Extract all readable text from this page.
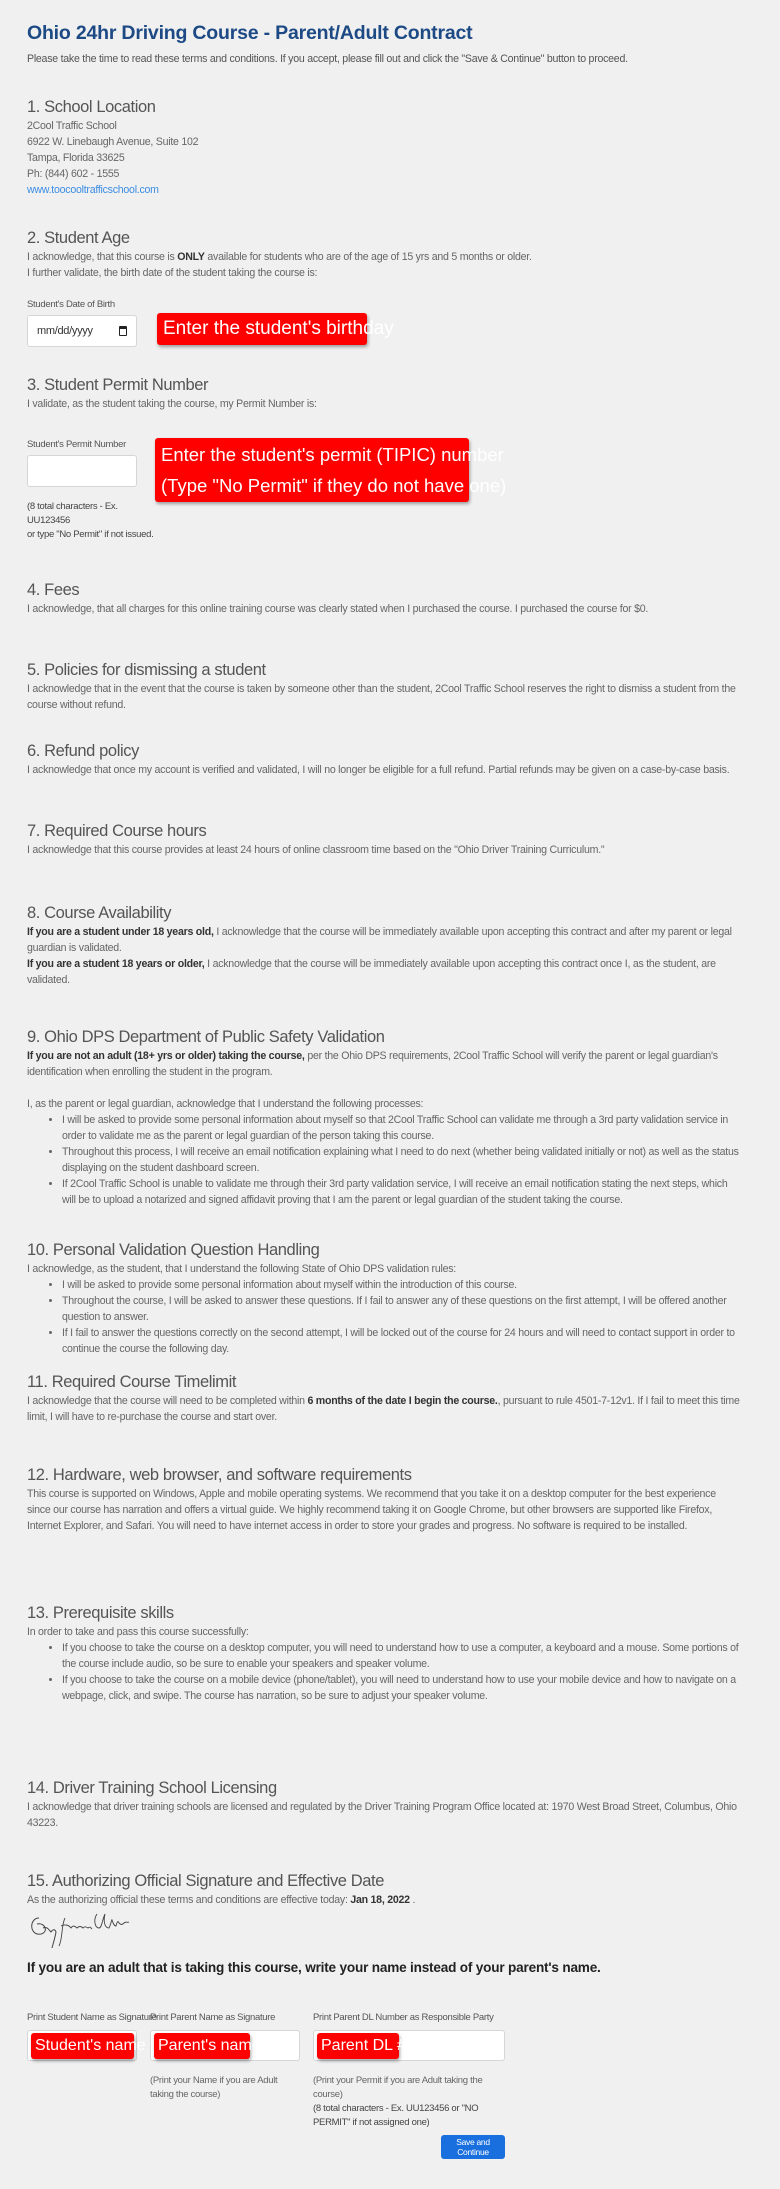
Ohio 24hr Driving Course - Parent/Adult Contract
Please take the time to read these terms and conditions. If you accept, please fill out and click the "Save & Continue" button to proceed.
1. School Location

2Cool Traffic School

6922 W. Linebaugh Avenue, Suite 102

Tampa, Florida 33625

Ph: (844) 602 - 1555

www.toocooltrafficschool.com

2. Student Age

I acknowledge, that this course is ONLY available for students who are of the age of 15 yrs and 5 months or older.

I further validate, the birth date of the student taking the course is:

3. Student Permit Number

I validate, as the student taking the course, my Permit Number is:

4. Fees

I acknowledge, that all charges for this online training course was clearly stated when I purchased the course. I purchased the course for $0.

5. Policies for dismissing a student

I acknowledge that in the event that the course is taken by someone other than the student, 2Cool Traffic School reserves the right to dismiss a student from the course without refund.

6. Refund policy

I acknowledge that once my account is verified and validated, I will no longer be eligible for a full refund. Partial refunds may be given on a case-by-case basis.

7. Required Course hours

I acknowledge that this course provides at least 24 hours of online classroom time based on the "Ohio Driver Training Curriculum."

8. Course Availability

If you are a student under 18 years old, I acknowledge that the course will be immediately available upon accepting this contract and after my parent or legal guardian is validated.

If you are a student 18 years or older, I acknowledge that the course will be immediately available upon accepting this contract once I, as the student, are validated.

9. Ohio DPS Department of Public Safety Validation

If you are not an adult (18+ yrs or older) taking the course, per the Ohio DPS requirements, 2Cool Traffic School will verify the parent or legal guardian's identification when enrolling the student in the program.

I, as the parent or legal guardian, acknowledge that I understand the following processes:

• I will be asked to provide some personal information about myself so that 2Cool Traffic School can validate me through a 3rd party validation service in order to validate me as the parent or legal guardian of the person taking this course.
• Throughout this process, I will receive an email notification explaining what I need to do next (whether being validated initially or not) as well as the status displaying on the student dashboard screen.
• If 2Cool Traffic School is unable to validate me through their 3rd party validation service, I will receive an email notification stating the next steps, which will be to upload a notarized and signed affidavit proving that I am the parent or legal guardian of the student taking the course.
10. Personal Validation Question Handling

I acknowledge, as the student, that I understand the following State of Ohio DPS validation rules:

• I will be asked to provide some personal information about myself within the introduction of this course.
• Throughout the course, I will be asked to answer these questions. If I fail to answer any of these questions on the first attempt, I will be offered another question to answer.
• If I fail to answer the questions correctly on the second attempt, I will be locked out of the course for 24 hours and will need to contact support in order to continue the course the following day.
11. Required Course Timelimit

I acknowledge that the course will need to be completed within 6 months of the date I begin the course., pursuant to rule 4501-7-12v1. If I fail to meet this time limit, I will have to re-purchase the course and start over.

12. Hardware, web browser, and software requirements

This course is supported on Windows, Apple and mobile operating systems. We recommend that you take it on a desktop computer for the best experience since our course has narration and offers a virtual guide. We highly recommend taking it on Google Chrome, but other browsers are supported like Firefox, Internet Explorer, and Safari. You will need to have internet access in order to store your grades and progress. No software is required to be installed.

13. Prerequisite skills

In order to take and pass this course successfully:

• If you choose to take the course on a desktop computer, you will need to understand how to use a computer, a keyboard and a mouse. Some portions of the course include audio, so be sure to enable your speakers and speaker volume.
• If you choose to take the course on a mobile device (phone/tablet), you will need to understand how to use your mobile device and how to navigate on a webpage, click, and swipe. The course has narration, so be sure to adjust your speaker volume.
14. Driver Training School Licensing

I acknowledge that driver training schools are licensed and regulated by the Driver Training Program Office located at: 1970 West Broad Street, Columbus, Ohio 43223.

15. Authorizing Official Signature and Effective Date

As the authorizing official these terms and conditions are effective today: Jan 18, 2022 .

Student's Date of Birth
mm/dd/yyyy	Enter the student's birthday
Student's Permit Number
(8 total characters - Ex.
UU123456
or type "No Permit" if not issued.
Enter the student's permit (TIPIC) number
(Type "No Permit" if they do not have one)
If you are an adult that is taking this course, write your name instead of your parent's name.
Print Student Name as Signature
Student's name
Print Parent Name as Signature
Parent's name
(Print your Name if you are Adult taking the course)
Print Parent DL Number as Responsible Party
Parent DL #
(Print your Permit if you are Adult taking the course)
(8 total characters - Ex. UU123456 or "NO PERMIT" if not assigned one)
Save and Continue
